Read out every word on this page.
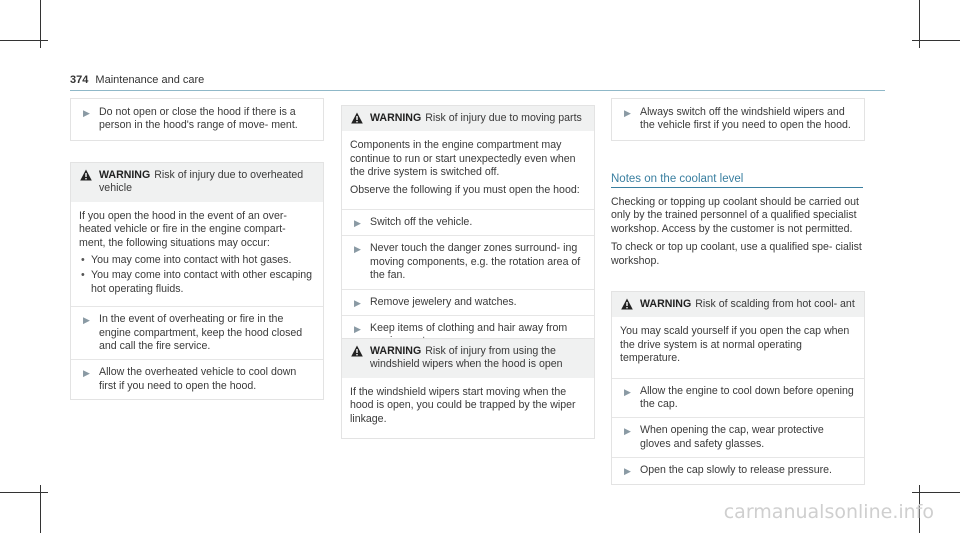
374 Maintenance and care
▶ Do not open or close the hood if there is a person in the hood's range of move- ment.
WARNING Risk of injury due to overheated vehicle

If you open the hood in the event of an over- heated vehicle or fire in the engine compart- ment, the following situations may occur:

• You may come into contact with hot gases.
• You may come into contact with other escaping hot operating fluids.
▶ In the event of overheating or fire in the engine compartment, keep the hood closed and call the fire service.
▶ Allow the overheated vehicle to cool down first if you need to open the hood.
WARNING Risk of injury due to moving parts

Components in the engine compartment may continue to run or start unexpectedly even when the drive system is switched off.

Observe the following if you must open the hood:

▶ Switch off the vehicle.
▶ Never touch the danger zones surround- ing moving components, e.g. the rotation area of the fan.
▶ Remove jewelery and watches.
▶ Keep items of clothing and hair away from
WARNING Risk of injury from using the windshield wipers when the hood is open

If the windshield wipers start moving when the hood is open, you could be trapped by the wiper linkage.

▶ Always switch off the windshield wipers and the vehicle first if you need to open the hood.
Notes on the coolant level

Checking or topping up coolant should be carried out only by the trained personnel of a qualified specialist workshop. Access by the customer is not permitted.

To check or top up coolant, use a qualified spe- cialist workshop.

WARNING Risk of scalding from hot cool- ant

You may scald yourself if you open the cap when the drive system is at normal operating temperature.

▶ Allow the engine to cool down before opening the cap.
▶ When opening the cap, wear protective gloves and safety glasses.
▶ Open the cap slowly to release pressure.
carmanualsonline.info
